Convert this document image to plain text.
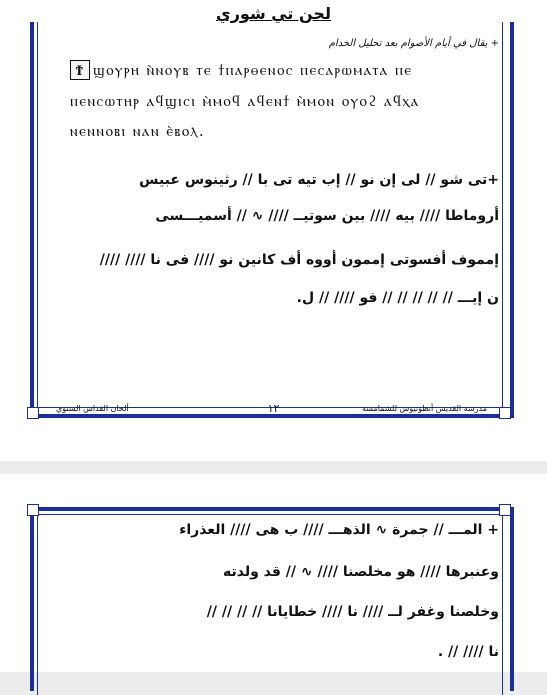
لحن تي شوري
+ يقال في أيام الأصوام بعد تحليل الخدام
Ϯ ϣⲟⲩⲣⲏ ⲛ̀ⲛⲟⲩⲃ ⲧⲉ ϯⲡⲁⲣⲑⲉⲛⲟⲥ ⲡⲉⲥⲁⲣⲱⲙⲁⲧⲁ ⲡⲉ
ⲡⲉⲛⲥⲱⲧⲏⲣ ⲁϥϣⲓⲥⲓ ⲙ̀ⲙⲟϥ ⲁϥⲉⲛϯ ⲙ̀ⲙⲟⲛ ⲟⲩⲟϩ ⲁϥⲭⲁ
ⲛⲉⲛⲛⲟⲃⲓ ⲛⲁⲛ ⲉ̀ⲃⲟⲗ.
+تى شو // لى إن نو // إب تيه تى با // رثينوس عبيس
أروماطا //// بيه //// بين سوتيــ //// ∿ // أسميـــسى
إمموف أفسوتى إممون أووه أف كانين نو //// فى نا //// ////
ن إيـــ // // // // // فو //// // ل.
مدرسة القديس أنطونيوس للشمامسة
١٢
ألحان القداس السنوي
+ المـــ // جمرة ∿ الذهـــ //// ب هى //// العذراء
وعنبرها //// هو مخلصنا //// ∿ // قد ولدته
وخلصنا وغفر لــ //// نا //// خطايانا // // // //
نا //// // .
